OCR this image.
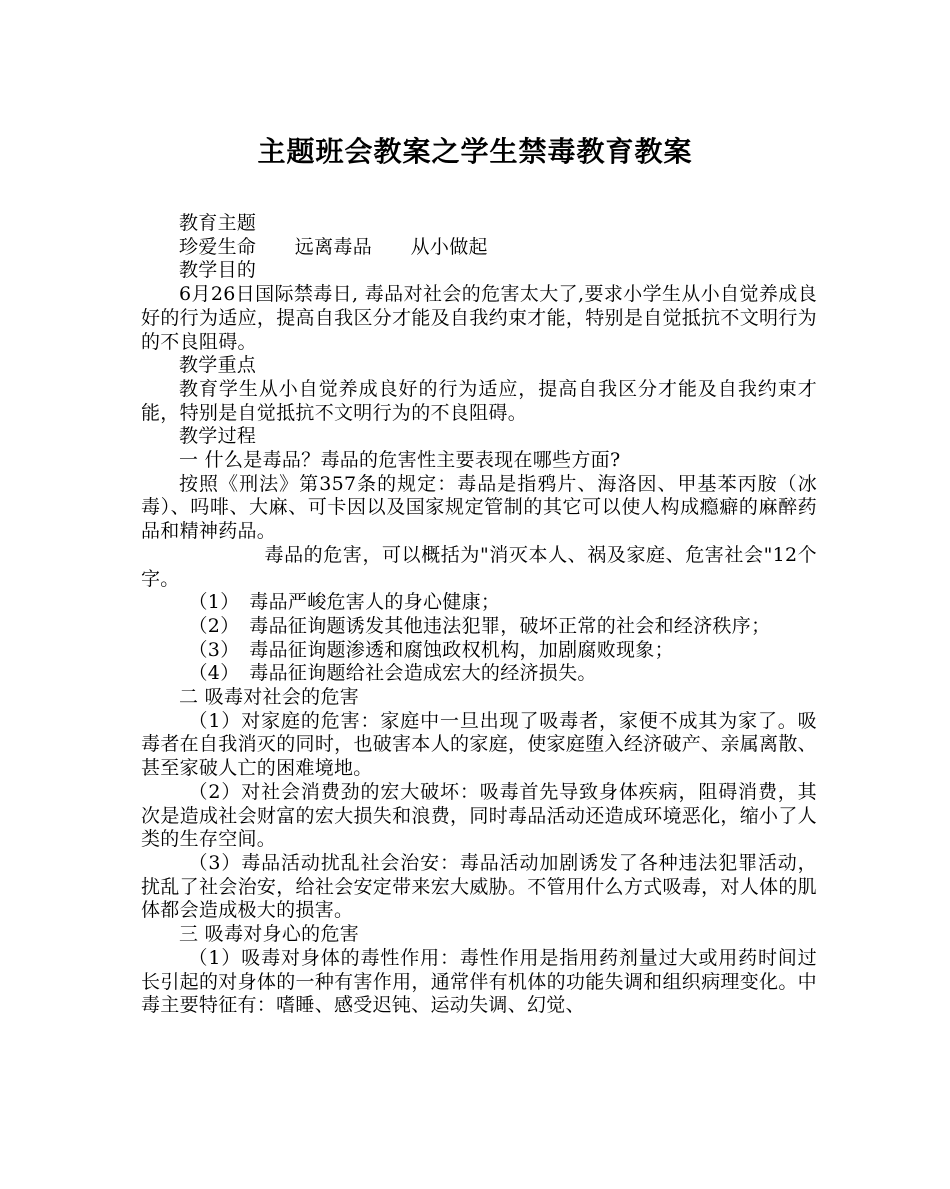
主题班会教案之学生禁毒教育教案

教育主题

珍爱生命　　远离毒品　　从小做起

教学目的

6月26日国际禁毒日, 毒品对社会的危害太大了,要求小学生从小自觉养成良好的行为适应，提高自我区分才能及自我约束才能，特别是自觉抵抗不文明行为的不良阻碍。

教学重点

教育学生从小自觉养成良好的行为适应，提高自我区分才能及自我约束才能，特别是自觉抵抗不文明行为的不良阻碍。

教学过程

一 什么是毒品？毒品的危害性主要表现在哪些方面?

按照《刑法》第357条的规定：毒品是指鸦片、海洛因、甲基苯丙胺（冰毒）、吗啡、大麻、可卡因以及国家规定管制的其它可以使人构成瘾癖的麻醉药品和精神药品。

毒品的危害，可以概括为"消灭本人、祸及家庭、危害社会"12个字。

（1）　毒品严峻危害人的身心健康；

（2）　毒品征询题诱发其他违法犯罪，破坏正常的社会和经济秩序；

（3）　毒品征询题渗透和腐蚀政权机构，加剧腐败现象；

（4）　毒品征询题给社会造成宏大的经济损失。

二 吸毒对社会的危害

（1）对家庭的危害：家庭中一旦出现了吸毒者，家便不成其为家了。吸毒者在自我消灭的同时，也破害本人的家庭，使家庭堕入经济破产、亲属离散、甚至家破人亡的困难境地。

（2）对社会消费劲的宏大破坏：吸毒首先导致身体疾病，阻碍消费，其次是造成社会财富的宏大损失和浪费，同时毒品活动还造成环境恶化，缩小了人类的生存空间。

（3）毒品活动扰乱社会治安：毒品活动加剧诱发了各种违法犯罪活动，扰乱了社会治安，给社会安定带来宏大威胁。不管用什么方式吸毒，对人体的肌体都会造成极大的损害。

三 吸毒对身心的危害

（1）吸毒对身体的毒性作用：毒性作用是指用药剂量过大或用药时间过长引起的对身体的一种有害作用，通常伴有机体的功能失调和组织病理变化。中毒主要特征有：嗜睡、感受迟钝、运动失调、幻觉、
